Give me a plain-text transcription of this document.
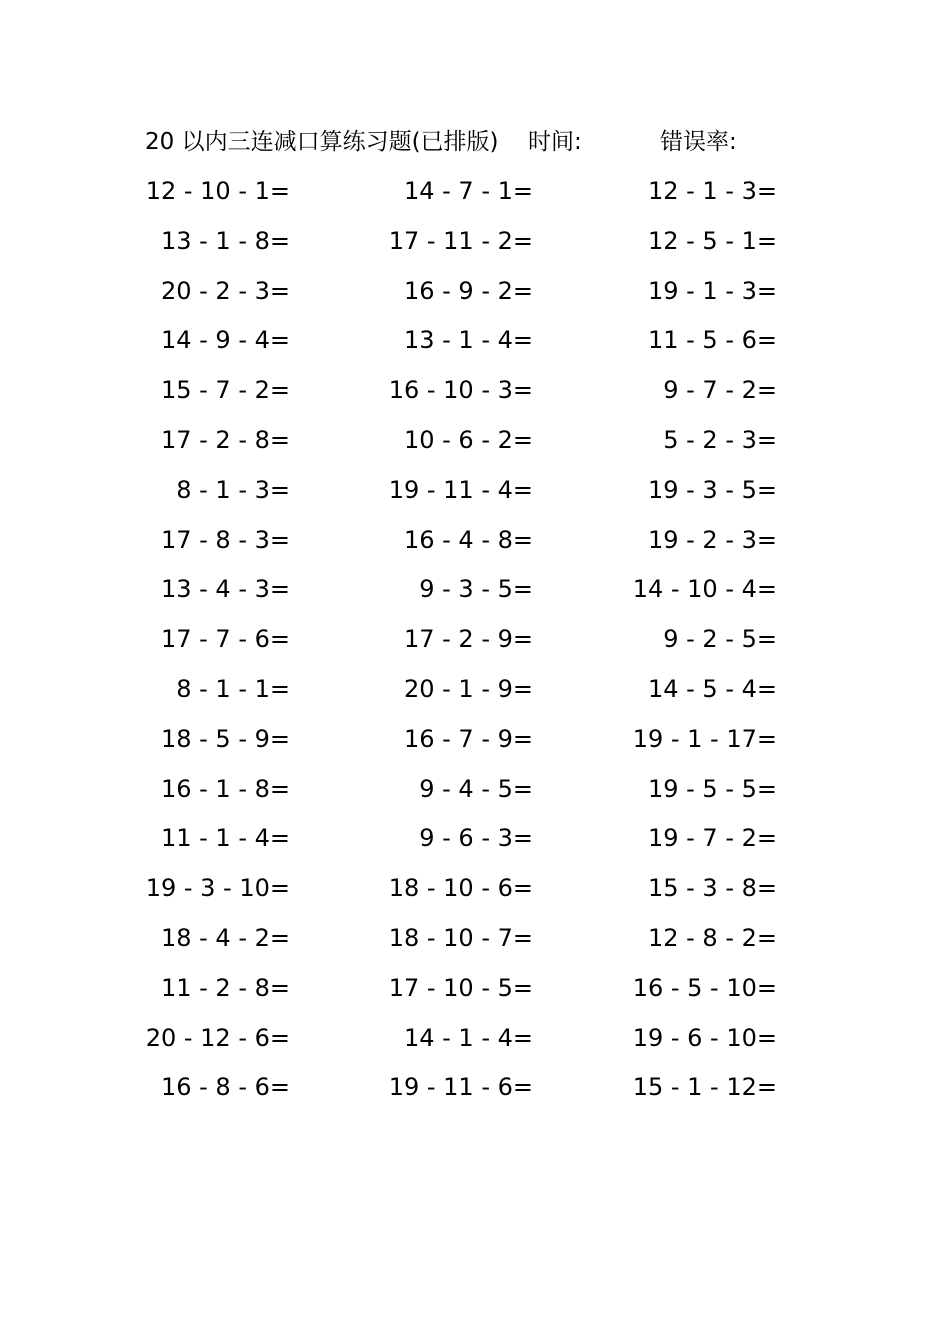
20 以内三连减口算练习题(已排版) 时间:	错误率:
12 - 10 - 1=	14 - 7 - 1=	12 - 1 - 3=
13 - 1 - 8=	17 - 11 - 2=	12 - 5 - 1=
20 - 2 - 3=	16 - 9 - 2=	19 - 1 - 3=
14 - 9 - 4=	13 - 1 - 4=	11 - 5 - 6=
15 - 7 - 2=	16 - 10 - 3=	9 - 7 - 2=
17 - 2 - 8=	10 - 6 - 2=	5 - 2 - 3=
8 - 1 - 3=	19 - 11 - 4=	19 - 3 - 5=
17 - 8 - 3=	16 - 4 - 8=	19 - 2 - 3=
13 - 4 - 3=	9 - 3 - 5=	14 - 10 - 4=
17 - 7 - 6=	17 - 2 - 9=	9 - 2 - 5=
8 - 1 - 1=	20 - 1 - 9=	14 - 5 - 4=
18 - 5 - 9=	16 - 7 - 9=	19 - 1 - 17=
16 - 1 - 8=	9 - 4 - 5=	19 - 5 - 5=
11 - 1 - 4=	9 - 6 - 3=	19 - 7 - 2=
19 - 3 - 10=	18 - 10 - 6=	15 - 3 - 8=
18 - 4 - 2=	18 - 10 - 7=	12 - 8 - 2=
11 - 2 - 8=	17 - 10 - 5=	16 - 5 - 10=
20 - 12 - 6=	14 - 1 - 4=	19 - 6 - 10=
16 - 8 - 6=	19 - 11 - 6=	15 - 1 - 12=
